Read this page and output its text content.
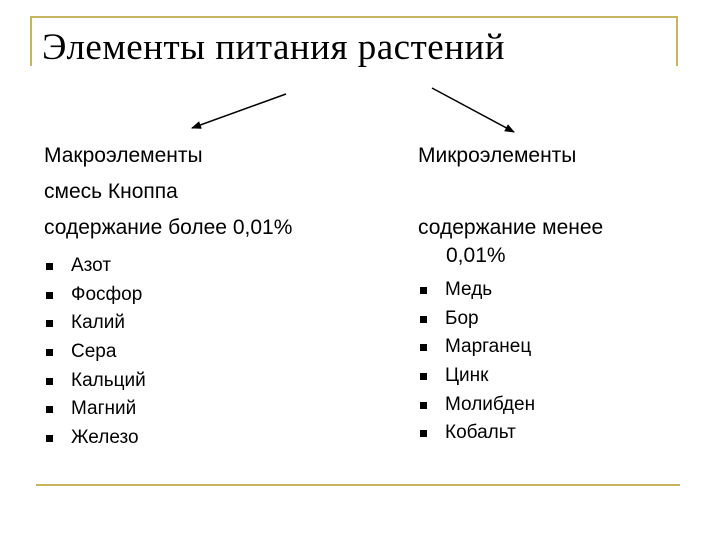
Элементы питания растений
Макроэлементы
смесь Кноппа
содержание более 0,01%
Азот
Фосфор
Калий
Сера
Кальций
Магний
Железо
Микроэлементы
содержание менее
0,01%
Медь
Бор
Марганец
Цинк
Молибден
Кобальт
